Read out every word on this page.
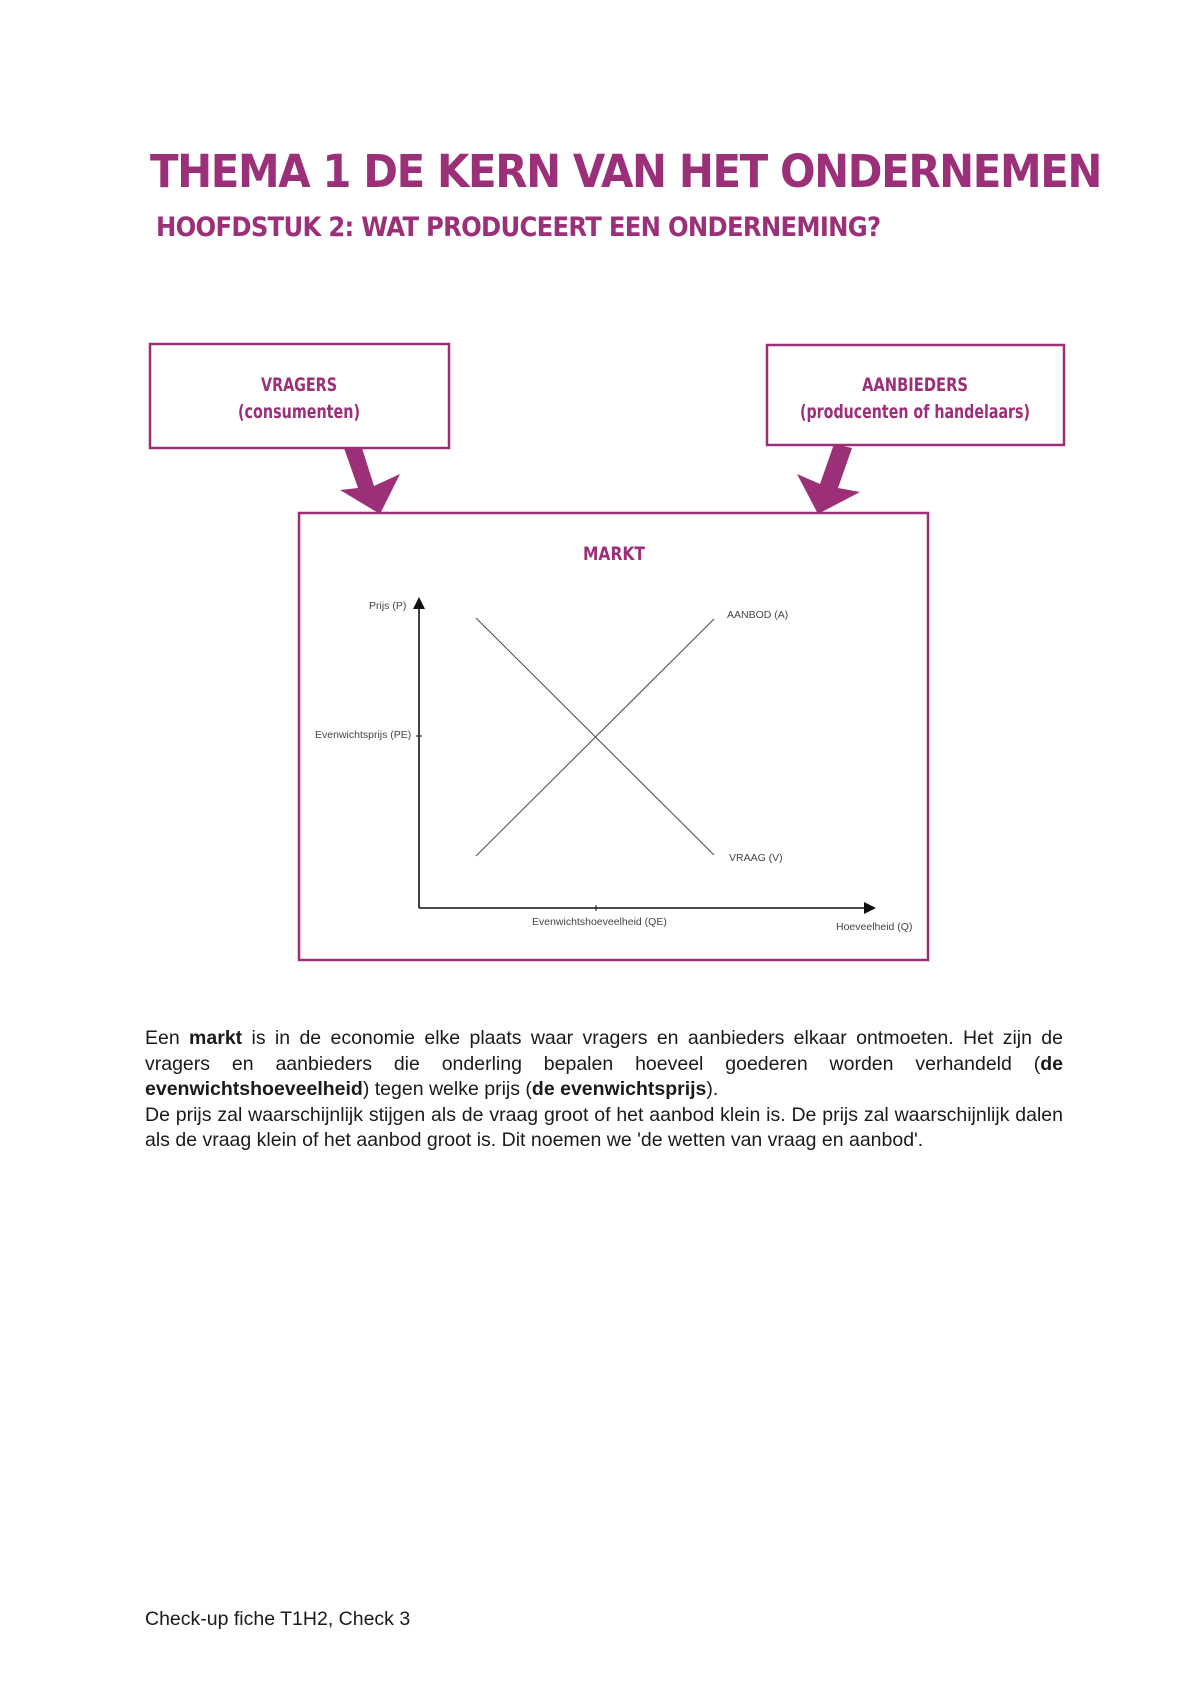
THEMA 1 DE KERN VAN HET ONDERNEMEN
HOOFDSTUK 2: WAT PRODUCEERT EEN ONDERNEMING?
VRAGERS
(consumenten)
AANBIEDERS
(producenten of handelaars)
MARKT
Prijs (P)
Evenwichtsprijs (PE)
AANBOD (A)
VRAAG (V)
Evenwichtshoeveelheid (QE)	Hoeveelheid (Q)

Een markt is in de economie elke plaats waar vragers en aanbieders elkaar ontmoeten. Het zijn de vragers en aanbieders die onderling bepalen hoeveel goederen worden verhandeld (de evenwichtshoeveelheid) tegen welke prijs (de evenwichtsprijs).

De prijs zal waarschijnlijk stijgen als de vraag groot of het aanbod klein is. De prijs zal waarschijnlijk dalen als de vraag klein of het aanbod groot is. Dit noemen we 'de wetten van vraag en aanbod'.

Check-up fiche T1H2, Check 3
